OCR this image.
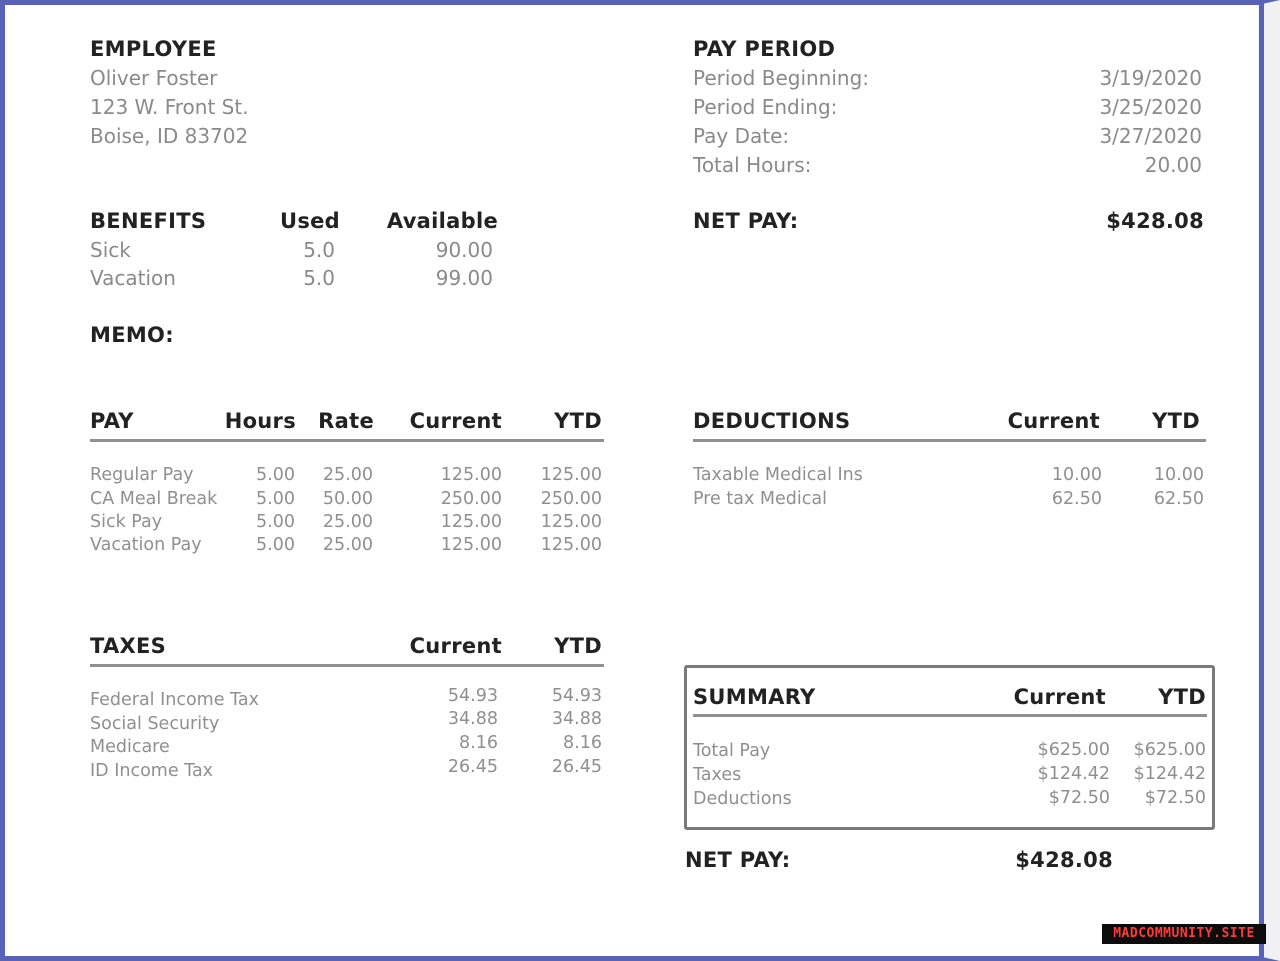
EMPLOYEE
Oliver Foster
123 W. Front St.
Boise, ID 83702
PAY PERIOD
Period Beginning:	3/19/2020
Period Ending:	3/25/2020
Pay Date:	3/27/2020
Total Hours:	20.00
NET PAY:	$428.08
BENEFITS	Used	Available
Sick	5.0	90.00
Vacation	5.0	99.00
MEMO:
PAY	Hours	Rate	Current	YTD
Regular Pay	5.00	25.00	125.00	125.00
CA Meal Break	5.00	50.00	250.00	250.00
Sick Pay	5.00	25.00	125.00	125.00
Vacation Pay	5.00	25.00	125.00	125.00
DEDUCTIONS	Current	YTD
Taxable Medical Ins	10.00	10.00
Pre tax Medical	62.50	62.50
TAXES	Current	YTD
Federal Income Tax	54.93	54.93
Social Security	34.88	34.88
Medicare	8.16	8.16
ID Income Tax	26.45	26.45
SUMMARY	Current	YTD
Total Pay	$625.00	$625.00
Taxes	$124.42	$124.42
Deductions	$72.50	$72.50
NET PAY:	$428.08
MADCOMMUNITY.SITE
